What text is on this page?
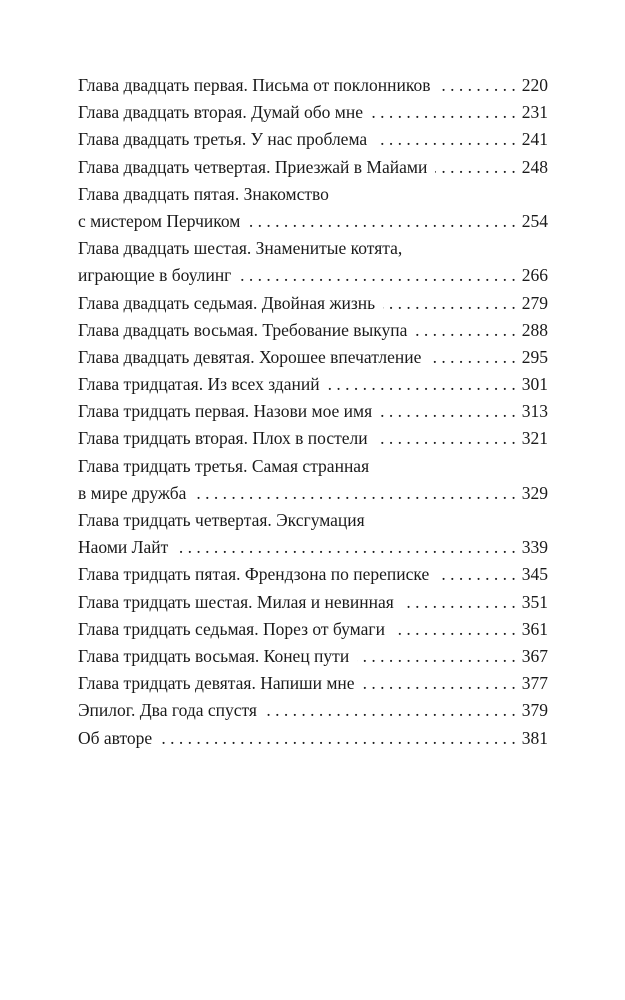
Глава двадцать первая. Письма от поклонников . . .	220
Глава двадцать вторая. Думай обо мне . . .	231
Глава двадцать третья. У нас проблема . . .	241
Глава двадцать четвертая. Приезжай в Майами . . .	248
Глава двадцать пятая. Знакомство
с мистером Перчиком . . .	254
Глава двадцать шестая. Знаменитые котята,
играющие в боулинг . . .	266
Глава двадцать седьмая. Двойная жизнь . . .	279
Глава двадцать восьмая. Требование выкупа . . .	288
Глава двадцать девятая. Хорошее впечатление . . .	295
Глава тридцатая. Из всех зданий . . .	301
Глава тридцать первая. Назови мое имя . . .	313
Глава тридцать вторая. Плох в постели . . .	321
Глава тридцать третья. Самая странная
в мире дружба . . .	329
Глава тридцать четвертая. Эксгумация
Наоми Лайт . . .	339
Глава тридцать пятая. Френдзона по переписке . . .	345
Глава тридцать шестая. Милая и невинная . . .	351
Глава тридцать седьмая. Порез от бумаги . . .	361
Глава тридцать восьмая. Конец пути . . .	367
Глава тридцать девятая. Напиши мне . . .	377
Эпилог. Два года спустя . . .	379
Об авторе . . .	381
